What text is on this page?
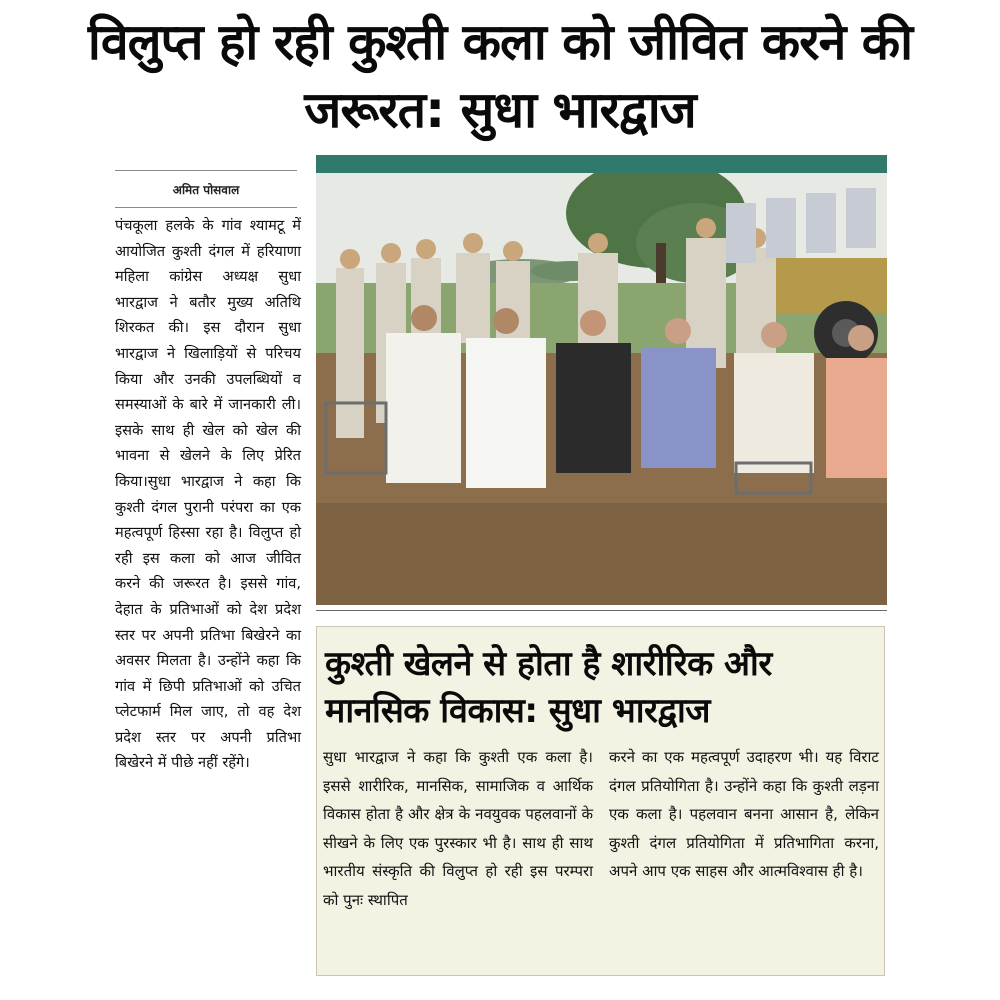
विलुप्त हो रही कुश्ती कला को जीवित करने की जरूरत: सुधा भारद्वाज
अमित पोसवाल
पंचकूला हलके के गांव श्यामटू में आयोजित कुश्ती दंगल में हरियाणा महिला कांग्रेस अध्यक्ष सुधा भारद्वाज ने बतौर मुख्य अतिथि शिरकत की। इस दौरान सुधा भारद्वाज ने खिलाड़ियों से परिचय किया और उनकी उपलब्धियों व समस्याओं के बारे में जानकारी ली। इसके साथ ही खेल को खेल की भावना से खेलने के लिए प्रेरित किया।सुधा भारद्वाज ने कहा कि कुश्ती दंगल पुरानी परंपरा का एक महत्वपूर्ण हिस्सा रहा है। विलुप्त हो रही इस कला को आज जीवित करने की जरूरत है। इससे गांव, देहात के प्रतिभाओं को देश प्रदेश स्तर पर अपनी प्रतिभा बिखेरने का अवसर मिलता है। उन्होंने कहा कि गांव में छिपी प्रतिभाओं को उचित प्लेटफार्म मिल जाए, तो वह देश प्रदेश स्तर पर अपनी प्रतिभा बिखेरने में पीछे नहीं रहेंगे।
कुश्ती खेलने से होता है शारीरिक और मानसिक विकास: सुधा भारद्वाज

सुधा भारद्वाज ने कहा कि कुश्ती एक कला है। इससे शारीरिक, मानसिक, सामाजिक व आर्थिक विकास होता है और क्षेत्र के नवयुवक पहलवानों के सीखने के लिए एक पुरस्कार भी है। साथ ही साथ भारतीय संस्कृति की विलुप्त हो रही इस परम्परा को पुनः स्थापित

करने का एक महत्वपूर्ण उदाहरण भी। यह विराट दंगल प्रतियोगिता है। उन्होंने कहा कि कुश्ती लड़ना एक कला है। पहलवान बनना आसान है, लेकिन कुश्ती दंगल प्रतियोगिता में प्रतिभागिता करना, अपने आप एक साहस और आत्मविश्वास ही है।
